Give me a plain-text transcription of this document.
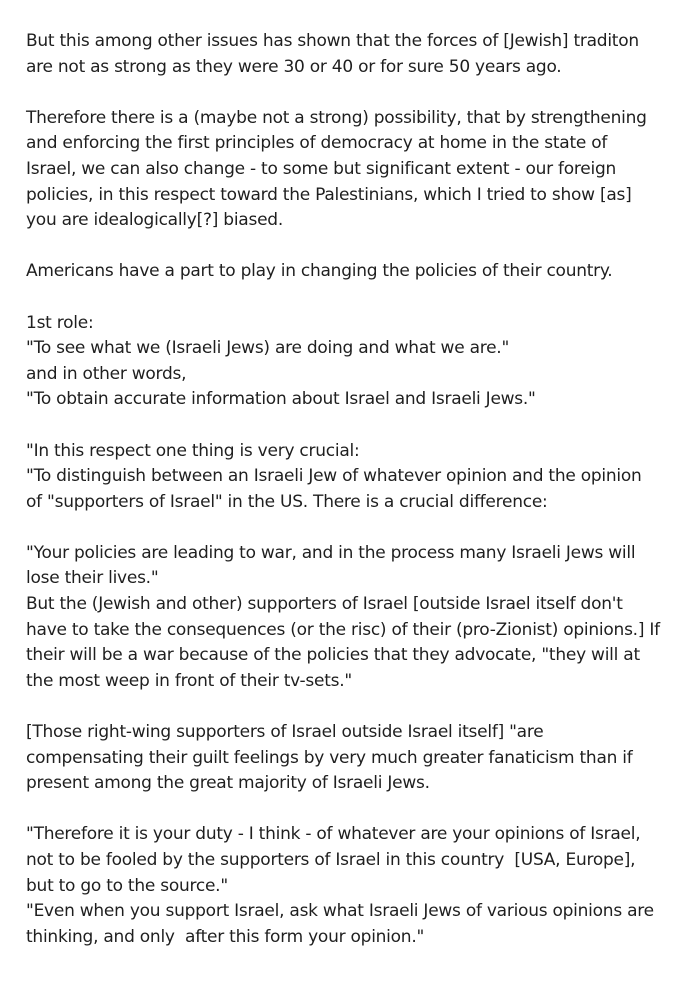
But this among other issues has shown that the forces of [Jewish] traditon
are not as strong as they were 30 or 40 or for sure 50 years ago.
Therefore there is a (maybe not a strong) possibility, that by strengthening
and enforcing the first principles of democracy at home in the state of
Israel, we can also change - to some but significant extent - our foreign
policies, in this respect toward the Palestinians, which I tried to show [as]
you are idealogically[?] biased.
Americans have a part to play in changing the policies of their country.
1st role:
"To see what we (Israeli Jews) are doing and what we are."
and in other words,
"To obtain accurate information about Israel and Israeli Jews."
"In this respect one thing is very crucial:
"To distinguish between an Israeli Jew of whatever opinion and the opinion
of "supporters of Israel" in the US. There is a crucial difference:
"Your policies are leading to war, and in the process many Israeli Jews will
lose their lives."
But the (Jewish and other) supporters of Israel [outside Israel itself don't
have to take the consequences (or the risc) of their (pro-Zionist) opinions.] If
their will be a war because of the policies that they advocate, "they will at
the most weep in front of their tv-sets."
[Those right-wing supporters of Israel outside Israel itself] "are
compensating their guilt feelings by very much greater fanaticism than if
present among the great majority of Israeli Jews.
"Therefore it is your duty - I think - of whatever are your opinions of Israel,
not to be fooled by the supporters of Israel in this country  [USA, Europe],
but to go to the source."
"Even when you support Israel, ask what Israeli Jews of various opinions are
thinking, and only  after this form your opinion."
